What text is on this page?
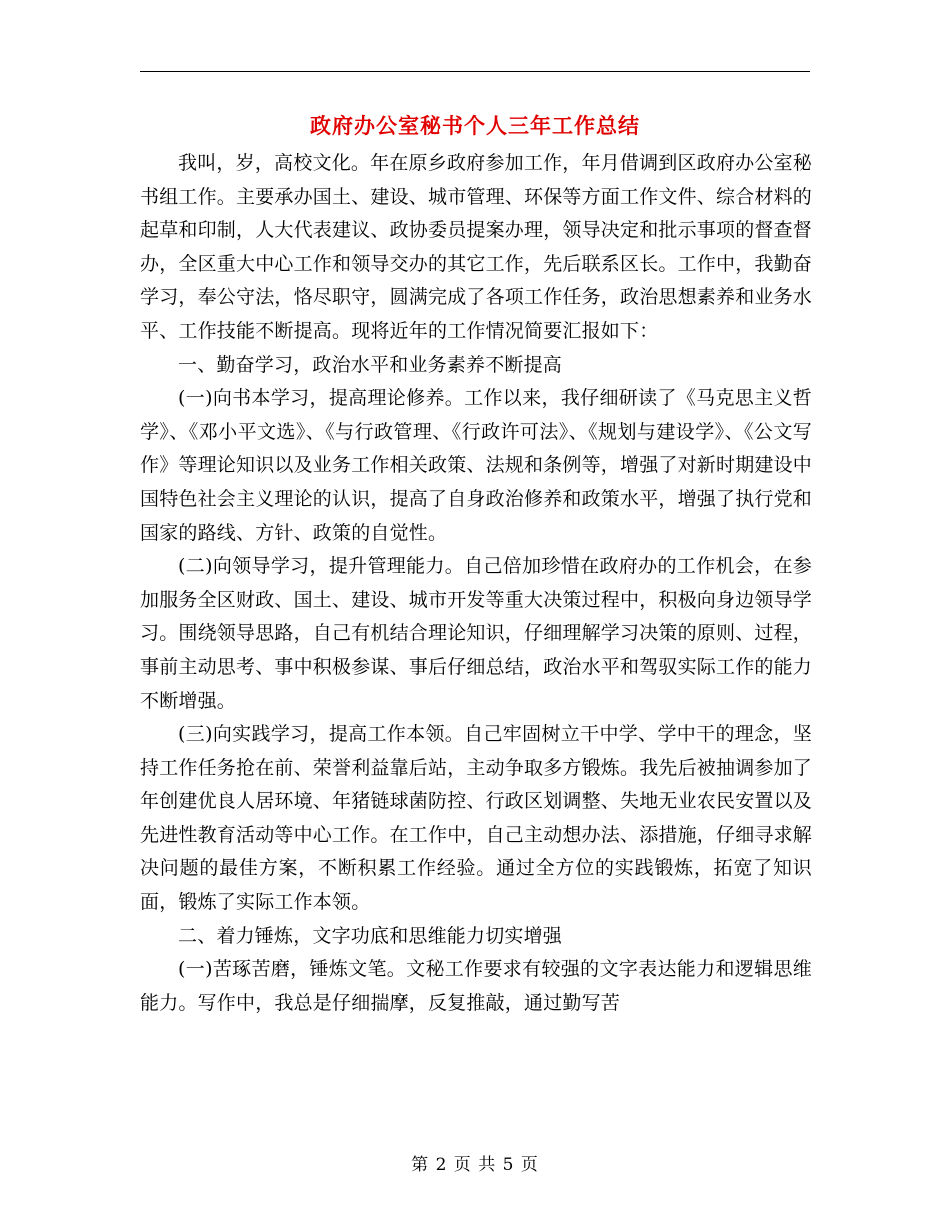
政府办公室秘书个人三年工作总结

我叫，岁，高校文化。年在原乡政府参加工作，年月借调到区政府办公室秘书组工作。主要承办国土、建设、城市管理、环保等方面工作文件、综合材料的起草和印制，人大代表建议、政协委员提案办理，领导决定和批示事项的督查督办，全区重大中心工作和领导交办的其它工作，先后联系区长。工作中，我勤奋学习，奉公守法，恪尽职守，圆满完成了各项工作任务，政治思想素养和业务水平、工作技能不断提高。现将近年的工作情况简要汇报如下：

一、勤奋学习，政治水平和业务素养不断提高

(一)向书本学习，提高理论修养。工作以来，我仔细研读了《马克思主义哲学》、《邓小平文选》、《与行政管理、《行政许可法》、《规划与建设学》、《公文写作》等理论知识以及业务工作相关政策、法规和条例等，增强了对新时期建设中国特色社会主义理论的认识，提高了自身政治修养和政策水平，增强了执行党和国家的路线、方针、政策的自觉性。

(二)向领导学习，提升管理能力。自己倍加珍惜在政府办的工作机会，在参加服务全区财政、国土、建设、城市开发等重大决策过程中，积极向身边领导学习。围绕领导思路，自己有机结合理论知识，仔细理解学习决策的原则、过程，事前主动思考、事中积极参谋、事后仔细总结，政治水平和驾驭实际工作的能力不断增强。

(三)向实践学习，提高工作本领。自己牢固树立干中学、学中干的理念，坚持工作任务抢在前、荣誉利益靠后站，主动争取多方锻炼。我先后被抽调参加了年创建优良人居环境、年猪链球菌防控、行政区划调整、失地无业农民安置以及先进性教育活动等中心工作。在工作中，自己主动想办法、添措施，仔细寻求解决问题的最佳方案，不断积累工作经验。通过全方位的实践锻炼，拓宽了知识面，锻炼了实际工作本领。

二、着力锤炼，文字功底和思维能力切实增强

(一)苦琢苦磨，锤炼文笔。文秘工作要求有较强的文字表达能力和逻辑思维能力。写作中，我总是仔细揣摩，反复推敲，通过勤写苦

第 2 页 共 5 页
